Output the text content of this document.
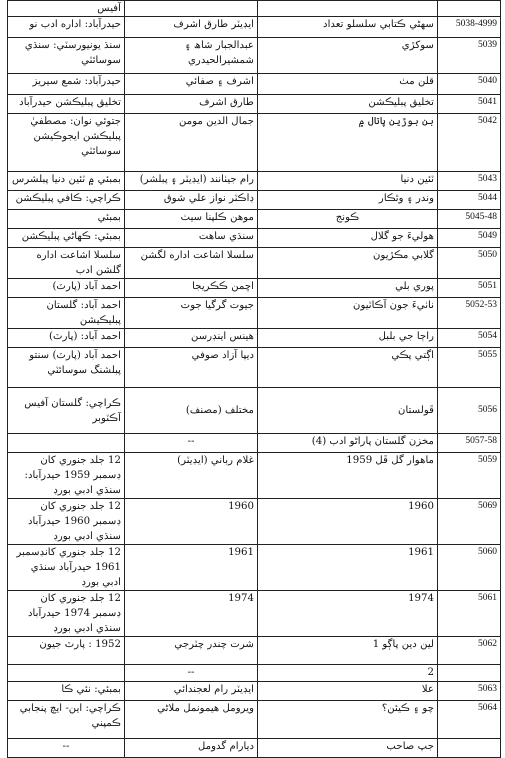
آفيس			
حيدرآباد: اداره ادب نو	ايڊيٽر طارق اشرف	سهڻي ڪتابي سلسلو تعداد	5038-4999
سنڌ يونيورسٽي: سنڌي سوسائٽي	عبدالجبار شاھ ۽ شمشيرالحيدري	سوکڙي	5039
حيدرآباد: شمع سيريز	اشرف ۽ صفائي	قلن مٺ	5040
تخليق پبليڪشن حيدرآباد	طارق اشرف	تخليق پبليڪشن	5041
جتوئي نوان: مصطفيٰ پبليڪشن ايجوڪيشن سوسائٽي	جمال الدين مومن	بن بوڙين پاتال ۾	5042
بمبئي ۾ ٽئين دنيا پبلشرس	رام جيٺانند (ايڊيٽر ۽ پبلشر)	ٽئين دنيا	5043
ڪراچي: ڪافي پبليڪشن	ڊاڪٽر نواز علي شوق	وندر ۽ وٿڪار	5044
بمبئي	موھن ڪلپنا سيٺ	ڪونج	5045-48
بمبئي: ڪھاڻي پبليڪشن	سنڌي ساھت	ھوليءَ جو گلال	5049
سلسلا اشاعت اداره گلشن ادب	سلسلا اشاعت اداره لگشن	گلابي مڪڙيون	5050
احمد آباد (پارٽ)	اڇمن ڪڪريجا	پوري بلي	5051
احمد آباد: گلستان پبليڪيشن	جيوت گرگيا جوت	ناٺيءَ جون آڪاٽيون	5052-53
احمد آباد: (پارٽ)	ھينس اينڊرسن	راڄا جي بلبل	5054
احمد آباد (پارٽ) سنتو پبلشنگ سوسائٽي	ديپا آزاد صوفي	اڳتي پڪي	5055
ڪراچي: گلستان آفيس آڪٽوبر	مختلف (مصنف)	ڦولستان	5056
	--	مخزن گلستان پاراڻو ادب (4)	5057-58
12 جلد جنوري کان ڊسمبر 1959 حيدرآباد: سنڌي ادبي بورڊ	غلام رباني (ايڊيٽر)	ماھوار گل ڦل 1959	5059
12 جلد جنوري کان ڊسمبر 1960 حيدرآباد سنڌي ادبي بورڊ	1960	1960	5069
12 جلد جنوري کانڊسمبر 1961 حيدرآباد سنڌي ادبي بورڊ	1961	1961	5060
12 جلد جنوري کان ڊسمبر 1974 حيدرآباد سنڌي ادبي بورڊ	1974	1974	5061
1952 : پارٽ جيون	شرت چندر چٽرجي	لين دين پاڳو 1	5062
	--	2	
بمبئي: نئي ڪا	ايڊيٽر رام لعجندائي	علا	5063
ڪراچي: اين- ايچ پنجابي ڪمپني	ويرومل ھيمونمل ملاڻي	چو ۽ ڪيئن؟	5064
--	ديارام گدومل	جپ صاحب	
